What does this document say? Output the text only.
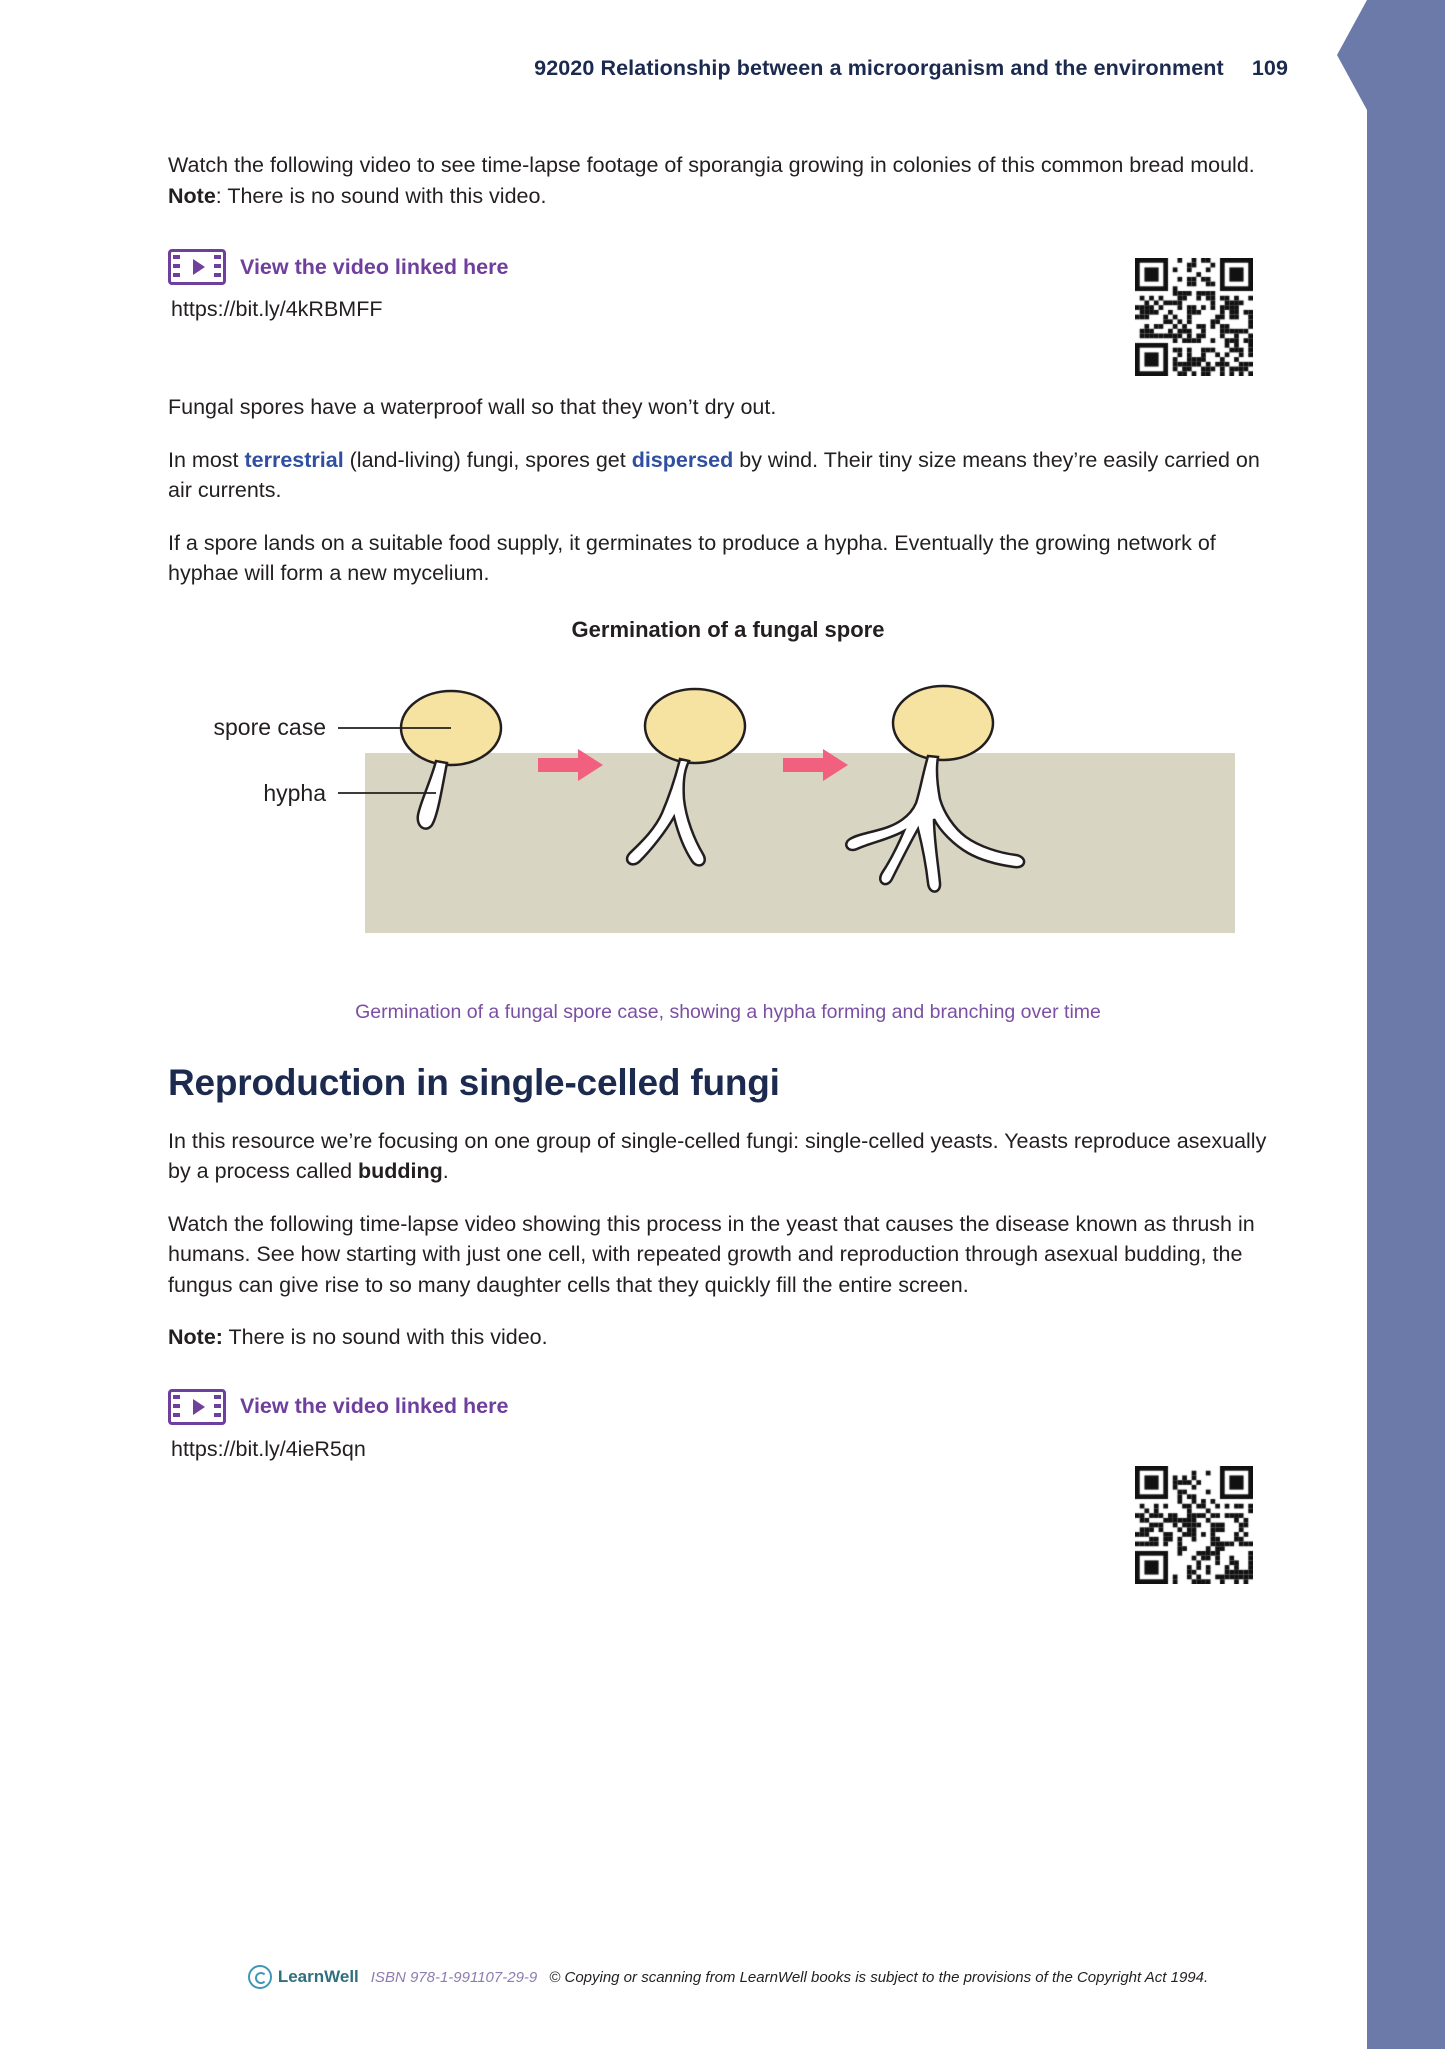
92020 Relationship between a microorganism and the environment 109

Watch the following video to see time-lapse footage of sporangia growing in colonies of this common bread mould. Note: There is no sound with this video.

View the video linked here
https://bit.ly/4kRBMFF

Fungal spores have a waterproof wall so that they won’t dry out.

In most terrestrial (land-living) fungi, spores get dispersed by wind. Their tiny size means they’re easily carried on air currents.

If a spore lands on a suitable food supply, it germinates to produce a hypha. Eventually the growing network of hyphae will form a new mycelium.

Germination of a fungal spore
spore case
hypha
Germination of a fungal spore case, showing a hypha forming and branching over time
Reproduction in single-celled fungi

In this resource we’re focusing on one group of single-celled fungi: single-celled yeasts. Yeasts reproduce asexually by a process called budding.

Watch the following time-lapse video showing this process in the yeast that causes the disease known as thrush in humans. See how starting with just one cell, with repeated growth and reproduction through asexual budding, the fungus can give rise to so many daughter cells that they quickly fill the entire screen.

Note: There is no sound with this video.

View the video linked here
https://bit.ly/4ieR5qn
LearnWell ISBN 978-1-991107-29-9 © Copying or scanning from LearnWell books is subject to the provisions of the Copyright Act 1994.
